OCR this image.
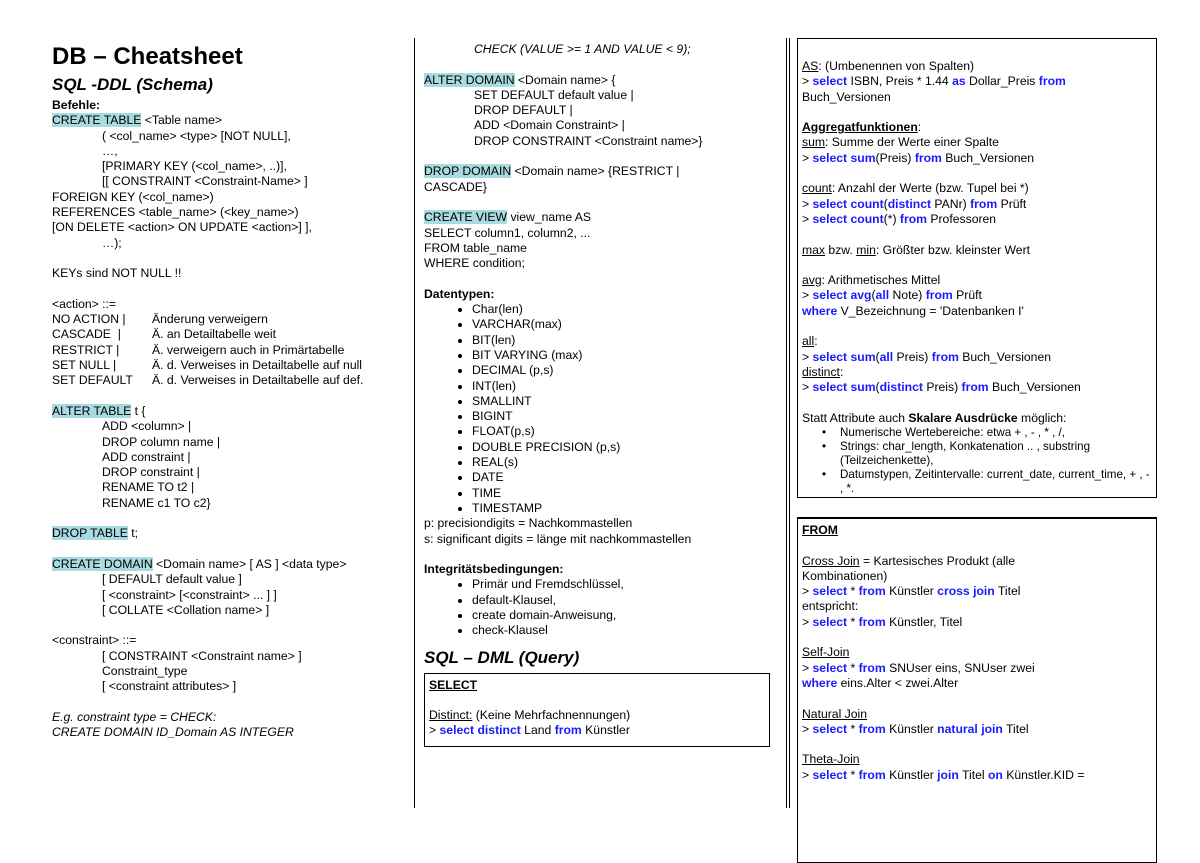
DB – Cheatsheet
SQL -DDL (Schema)
Befehle:
CREATE TABLE <Table name>
( <col_name> <type> [NOT NULL],
…,
[PRIMARY KEY (<col_name>, ..)],
[[ CONSTRAINT <Constraint-Name> ]
FOREIGN KEY (<col_name>)
REFERENCES <table_name> (<key_name>)
[ON DELETE <action> ON UPDATE <action>] ],
…);
KEYs sind NOT NULL !!
<action> ::=
NO ACTION | Änderung verweigern
CASCADE  |	Ä. an Detailtabelle weit
RESTRICT |	Ä. verweigern auch in Primärtabelle
SET NULL |	Ä. d. Verweises in Detailtabelle auf null
SET DEFAULT Ä. d. Verweises in Detailtabelle auf def.
ALTER TABLE t {
ADD <column> |
DROP column name |
ADD constraint |
DROP constraint |
RENAME TO t2 |
RENAME c1 TO c2}
DROP TABLE t;
CREATE DOMAIN <Domain name> [ AS ] <data type>
[ DEFAULT default value ]
[ <constraint> [<constraint> ... ] ]
[ COLLATE <Collation name> ]
<constraint> ::=
[ CONSTRAINT <Constraint name> ]
Constraint_type
[ <constraint attributes> ]
E.g. constraint type = CHECK:
CREATE DOMAIN ID_Domain AS INTEGER
CHECK (VALUE >= 1 AND VALUE < 9);
ALTER DOMAIN <Domain name> {
SET DEFAULT default value |
DROP DEFAULT |
ADD <Domain Constraint> |
DROP CONSTRAINT <Constraint name>}
DROP DOMAIN <Domain name> {RESTRICT |
CASCADE}
CREATE VIEW view_name AS
SELECT column1, column2, ...
FROM table_name
WHERE condition;
Datentypen:
• Char(len)
• VARCHAR(max)
• BIT(len)
• BIT VARYING (max)
• DECIMAL (p,s)
• INT(len)
• SMALLINT
• BIGINT
• FLOAT(p,s)
• DOUBLE PRECISION (p,s)
• REAL(s)
• DATE
• TIME
• TIMESTAMP
p: precisiondigits = Nachkommastellen
s: significant digits = länge mit nachkommastellen
Integritätsbedingungen:
• Primär und Fremdschlüssel,
• default-Klausel,
• create domain-Anweisung,
• check-Klausel
SQL – DML (Query)
SELECT
Distinct: (Keine Mehrfachnennungen)
> select distinct Land from Künstler
AS: (Umbenennen von Spalten)
> select ISBN, Preis * 1.44 as Dollar_Preis from
Buch_Versionen
Aggregatfunktionen:
sum: Summe der Werte einer Spalte
> select sum(Preis) from Buch_Versionen
count: Anzahl der Werte (bzw. Tupel bei *)
> select count(distinct PANr) from Prüft
> select count(*) from Professoren
max bzw. min: Größter bzw. kleinster Wert
avg: Arithmetisches Mittel
> select avg(all Note) from Prüft
where V_Bezeichnung = 'Datenbanken I'
all:
> select sum(all Preis) from Buch_Versionen
distinct:
> select sum(distinct Preis) from Buch_Versionen
Statt Attribute auch Skalare Ausdrücke möglich:
• Numerische Wertebereiche: etwa + , - , * , /,
• Strings: char_length, Konkatenation .. , substring (Teilzeichenkette),
• Datumstypen, Zeitintervalle: current_date, current_time, + , - , *.
FROM
Cross Join = Kartesisches Produkt (alle
Kombinationen)
> select * from Künstler cross join Titel
entspricht:
> select * from Künstler, Titel
Self-Join
> select * from SNUser eins, SNUser zwei
where eins.Alter < zwei.Alter
Natural Join
> select * from Künstler natural join Titel
Theta-Join
> select * from Künstler join Titel on Künstler.KID =
